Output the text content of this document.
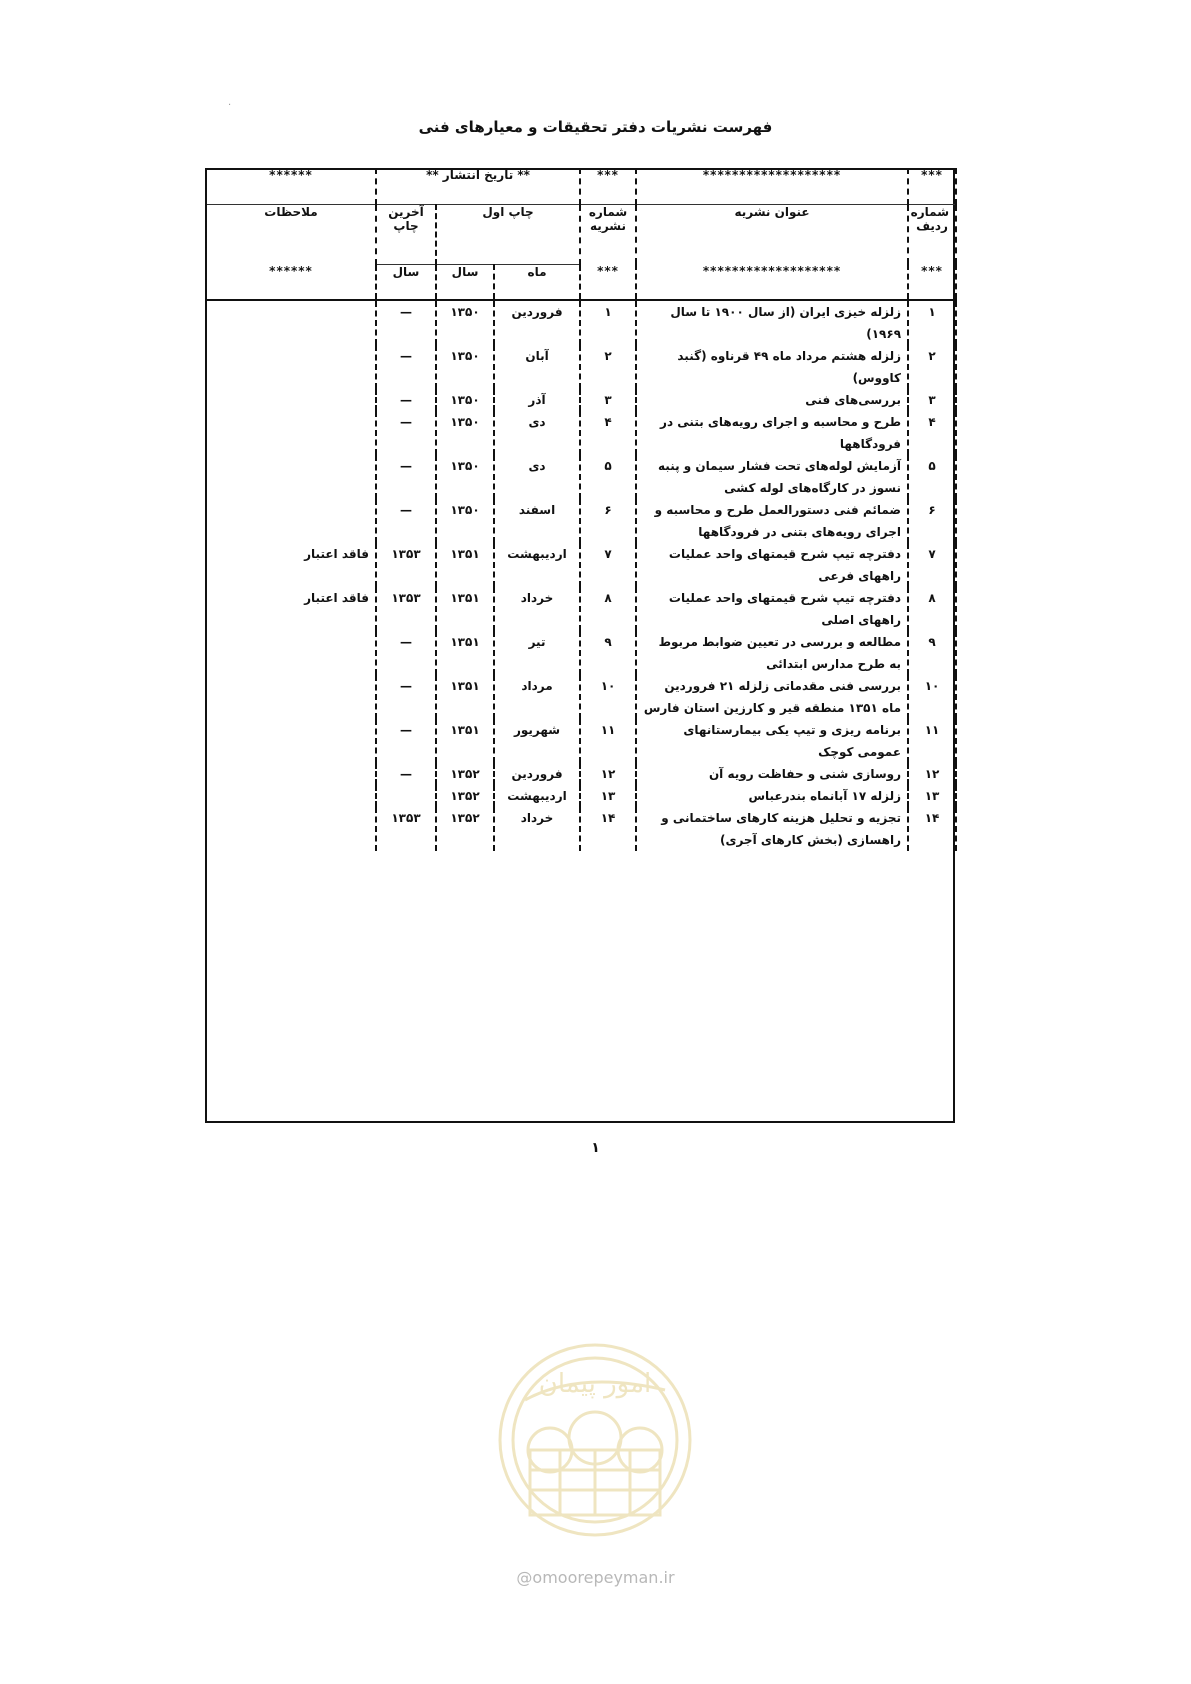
·
فهرست نشریات دفتر تحقیقات و معیارهای فنی
***	*******************	***	** تاریخ انتشار **			******
شماره ردیف	عنوان نشریه	شماره نشریه	چاپ اول		آخرین چاپ	ملاحظات
***	*******************	***	ماه	سال	سال	******
۱	زلزله خیزی ایران (از سال ۱۹۰۰ تا سال ۱۹۶۹)	۱	فروردین	۱۳۵۰	—	
۲	زلزله هشتم مرداد ماه ۴۹ قرناوه (گنبد کاووس)	۲	آبان	۱۳۵۰	—	
۳	بررسی‌های فنی	۳	آذر	۱۳۵۰	—	
۴	طرح و محاسبه و اجرای رویه‌های بتنی در فرودگاهها	۴	دی	۱۳۵۰	—	
۵	آزمایش لوله‌های تحت فشار سیمان و پنبه نسوز در کارگاه‌های لوله کشی	۵	دی	۱۳۵۰	—	
۶	ضمائم فنی دستورالعمل طرح و محاسبه و اجرای رویه‌های بتنی در فرودگاهها	۶	اسفند	۱۳۵۰	—	
۷	دفترچه تیپ شرح قیمتهای واحد عملیات راههای فرعی	۷	اردیبهشت	۱۳۵۱	۱۳۵۳	فاقد اعتبار
۸	دفترچه تیپ شرح قیمتهای واحد عملیات راههای اصلی	۸	خرداد	۱۳۵۱	۱۳۵۳	فاقد اعتبار
۹	مطالعه و بررسی در تعیین ضوابط مربوط به طرح مدارس ابتدائی	۹	تیر	۱۳۵۱	—	
۱۰	بررسی فنی مقدماتی زلزله ۲۱ فروردین ماه ۱۳۵۱ منطقه قیر و کارزین استان فارس	۱۰	مرداد	۱۳۵۱	—	
۱۱	برنامه ریزی و تیپ یکی بیمارستانهای عمومی کوچک	۱۱	شهریور	۱۳۵۱	—	
۱۲	روسازی شنی و حفاظت رویه آن	۱۲	فروردین	۱۳۵۲	—	
۱۳	زلزله ۱۷ آبانماه بندرعباس	۱۳	اردیبهشت	۱۳۵۲		
۱۴	تجزیه و تحلیل هزینه کارهای ساختمانی و راهسازی (بخش کارهای آجری)	۱۴	خرداد	۱۳۵۲	۱۳۵۳	
۱
امور پیمان
@omoorepeyman.ir
